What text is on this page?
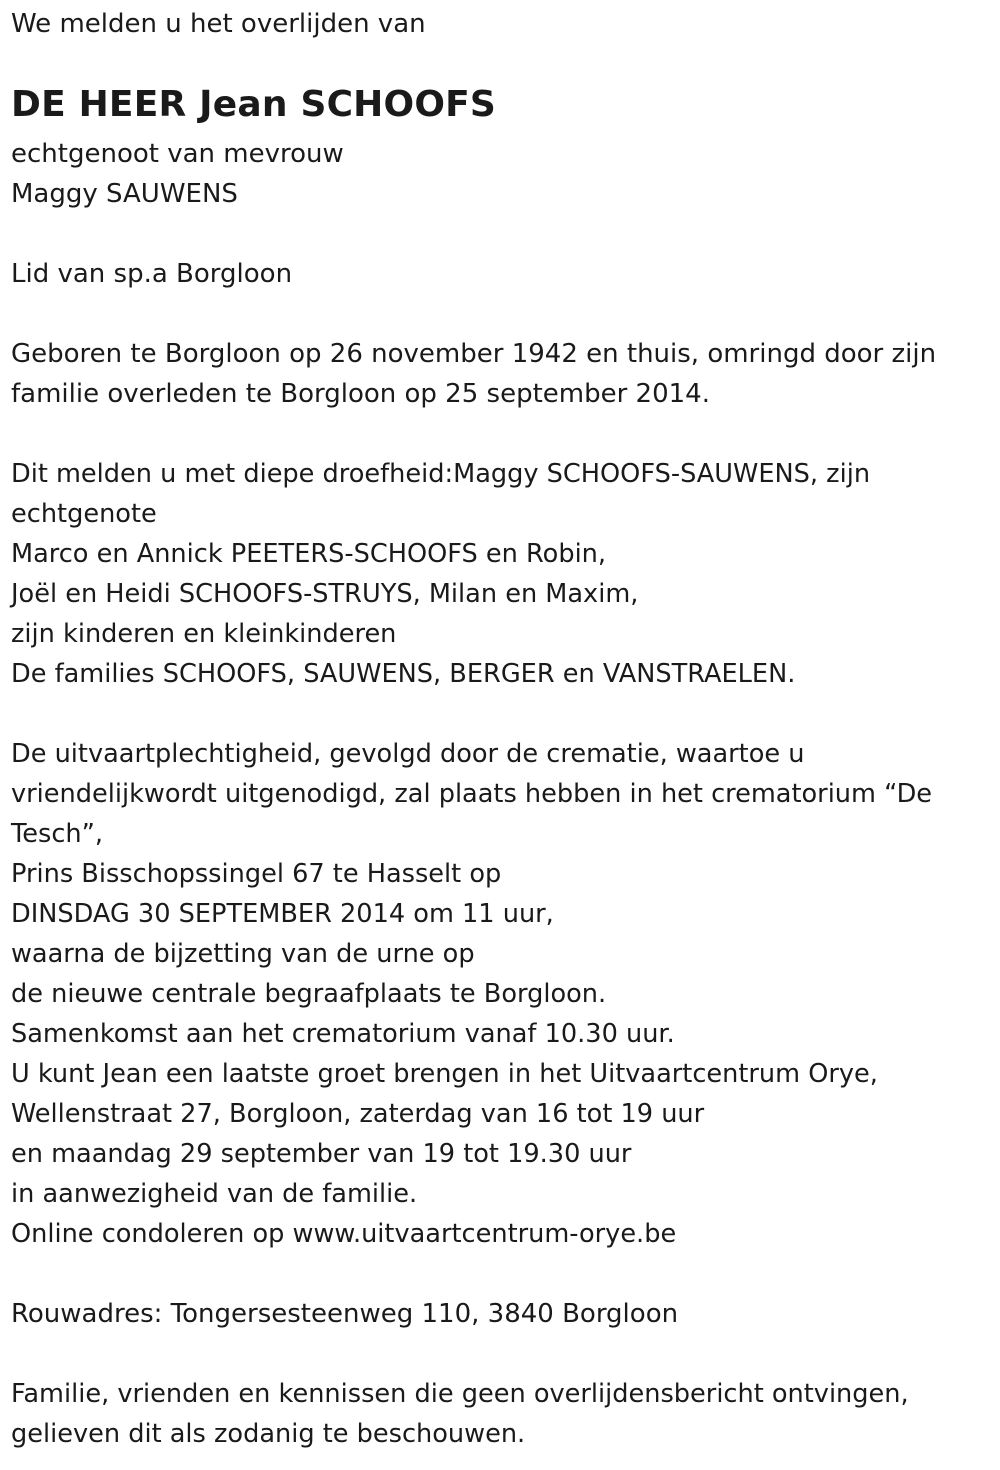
We melden u het overlijden van

DE HEER Jean SCHOOFS

echtgenoot van mevrouw

Maggy SAUWENS

Lid van sp.a Borgloon

Geboren te Borgloon op 26 november 1942 en thuis, omringd door zijn

familie overleden te Borgloon op 25 september 2014.

Dit melden u met diepe droefheid:Maggy SCHOOFS-SAUWENS, zijn

echtgenote

Marco en Annick PEETERS-SCHOOFS en Robin,

Joël en Heidi SCHOOFS-STRUYS, Milan en Maxim,

zijn kinderen en kleinkinderen

De families SCHOOFS, SAUWENS, BERGER en VANSTRAELEN.

De uitvaartplechtigheid, gevolgd door de crematie, waartoe u

vriendelijkwordt uitgenodigd, zal plaats hebben in het crematorium “De

Tesch”,

Prins Bisschopssingel 67 te Hasselt op

DINSDAG 30 SEPTEMBER 2014 om 11 uur,

waarna de bijzetting van de urne op

de nieuwe centrale begraafplaats te Borgloon.

Samenkomst aan het crematorium vanaf 10.30 uur.

U kunt Jean een laatste groet brengen in het Uitvaartcentrum Orye,

Wellenstraat 27, Borgloon, zaterdag van 16 tot 19 uur

en maandag 29 september van 19 tot 19.30 uur

in aanwezigheid van de familie.

Online condoleren op www.uitvaartcentrum-orye.be

Rouwadres: Tongersesteenweg 110, 3840 Borgloon

Familie, vrienden en kennissen die geen overlijdensbericht ontvingen,

gelieven dit als zodanig te beschouwen.
